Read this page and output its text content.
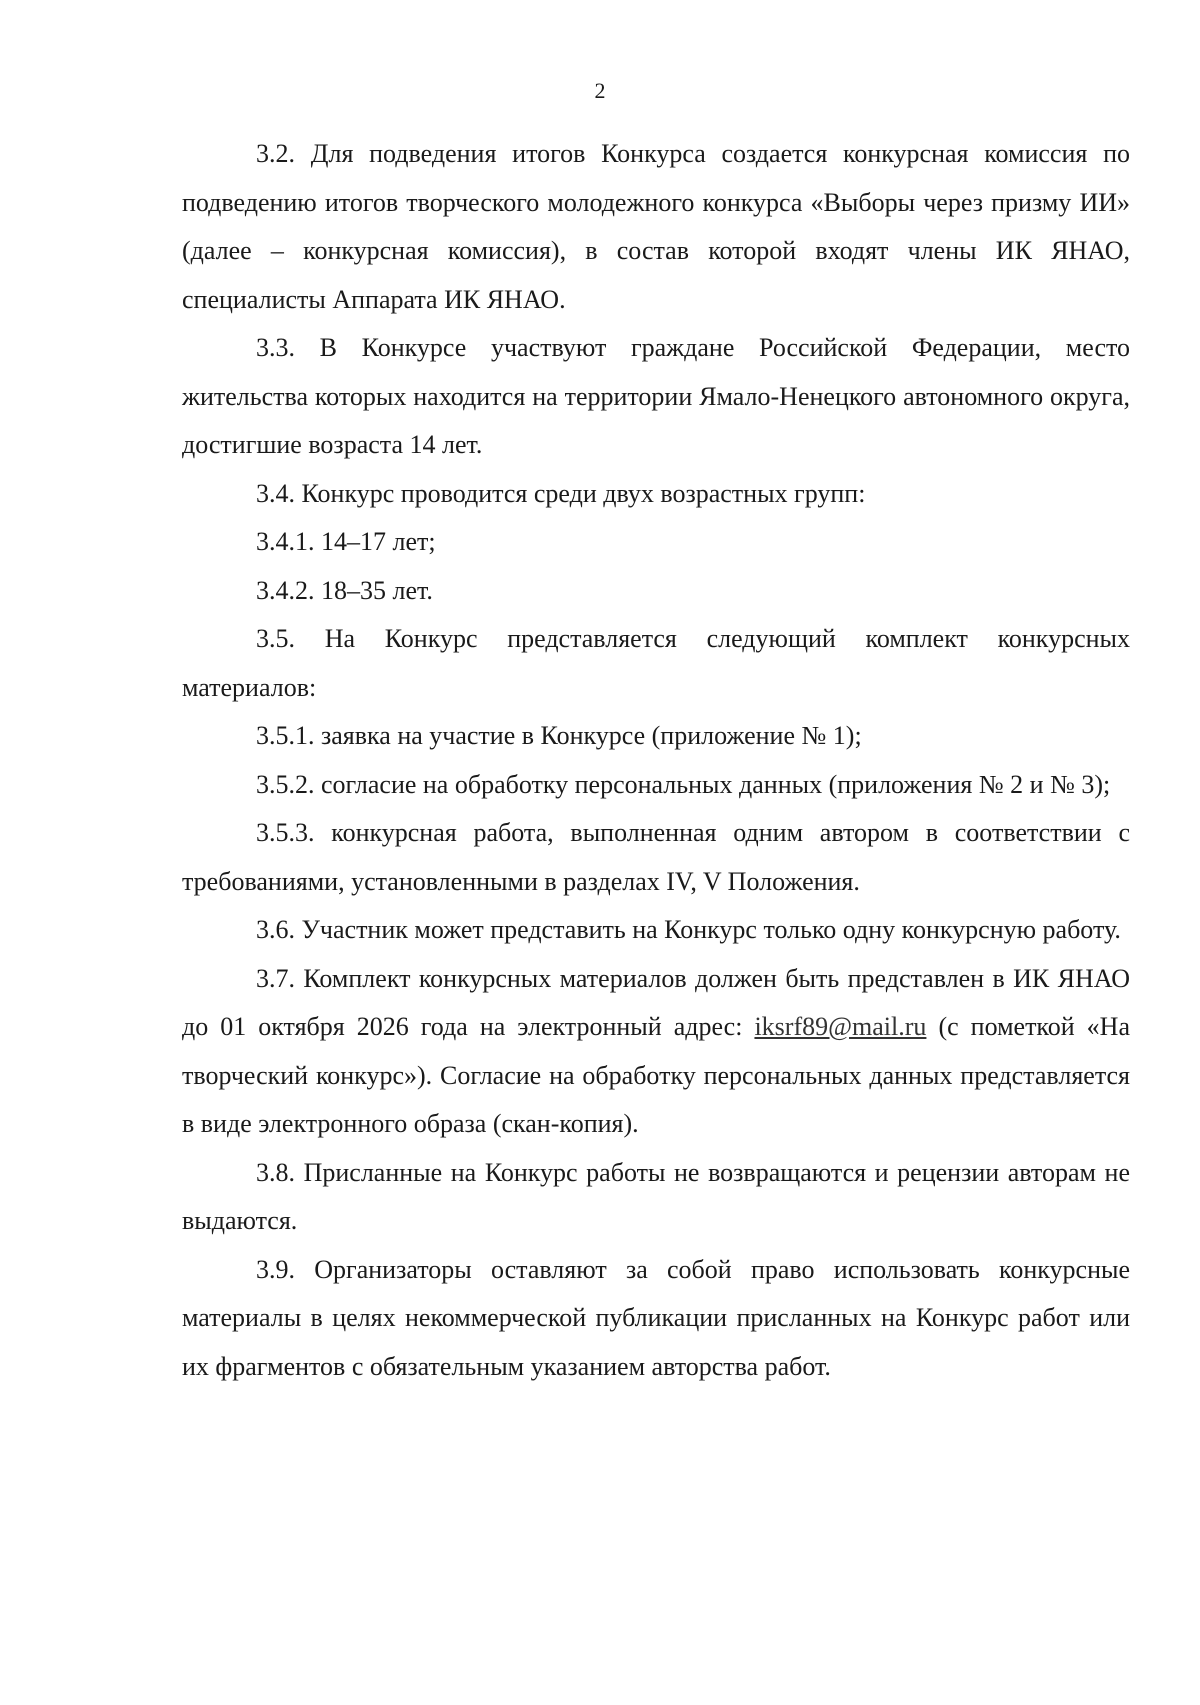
2

3.2. Для подведения итогов Конкурса создается конкурсная комиссия по подведению итогов творческого молодежного конкурса «Выборы через призму ИИ» (далее – конкурсная комиссия), в состав которой входят члены ИК ЯНАО, специалисты Аппарата ИК ЯНАО.

3.3. В Конкурсе участвуют граждане Российской Федерации, место жительства которых находится на территории Ямало-Ненецкого автономного округа, достигшие возраста 14 лет.

3.4. Конкурс проводится среди двух возрастных групп:

3.4.1. 14–17 лет;

3.4.2. 18–35 лет.

3.5. На Конкурс представляется следующий комплект конкурсных материалов:

3.5.1. заявка на участие в Конкурсе (приложение № 1);

3.5.2. согласие на обработку персональных данных (приложения № 2 и № 3);

3.5.3. конкурсная работа, выполненная одним автором в соответствии с требованиями, установленными в разделах IV, V Положения.

3.6. Участник может представить на Конкурс только одну конкурсную работу.

3.7. Комплект конкурсных материалов должен быть представлен в ИК ЯНАО до 01 октября 2026 года на электронный адрес: iksrf89@mail.ru (с пометкой «На творческий конкурс»). Согласие на обработку персональных данных представляется в виде электронного образа (скан-копия).

3.8. Присланные на Конкурс работы не возвращаются и рецензии авторам не выдаются.

3.9. Организаторы оставляют за собой право использовать конкурсные материалы в целях некоммерческой публикации присланных на Конкурс работ или их фрагментов с обязательным указанием авторства работ.
